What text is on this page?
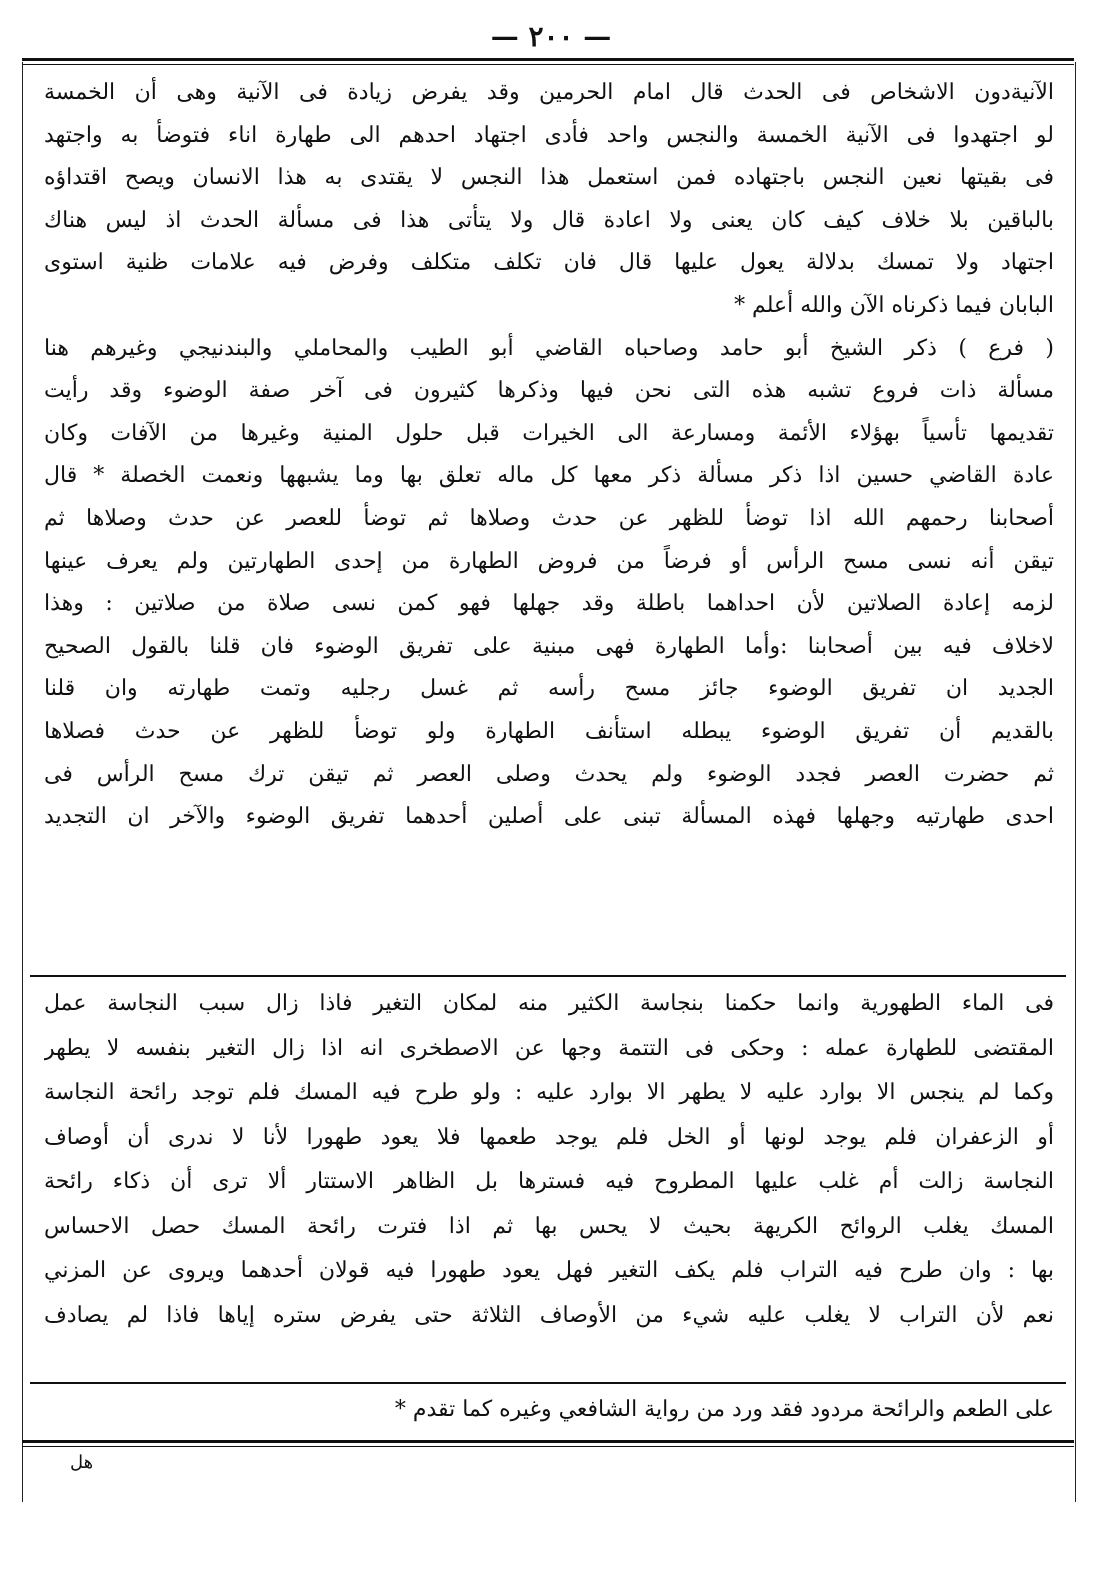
— ٢٠٠ —
الآنيةدون الاشخاص فى الحدث قال امام الحرمين وقد يفرض زيادة فى الآنية وهى أن الخمسة
لو اجتهدوا فى الآنية الخمسة والنجس واحد فأدى اجتهاد احدهم الى طهارة اناء فتوضأ به واجتهد
فى بقيتها نعين النجس باجتهاده فمن استعمل هذا النجس لا يقتدى به هذا الانسان ويصح اقتداؤه
بالباقين بلا خلاف كيف كان يعنى ولا اعادة قال ولا يتأتى هذا فى مسألة الحدث اذ ليس هناك
اجتهاد ولا تمسك بدلالة يعول عليها قال فان تكلف متكلف وفرض فيه علامات ظنية استوى
البابان فيما ذكرناه الآن والله أعلم *
( فرع ) ذكر الشيخ أبو حامد وصاحباه القاضي أبو الطيب والمحاملي والبندنيجي وغيرهم هنا
مسألة ذات فروع تشبه هذه التى نحن فيها وذكرها كثيرون فى آخر صفة الوضوء وقد رأيت
تقديمها تأسياً بهؤلاء الأئمة ومسارعة الى الخيرات قبل حلول المنية وغيرها من الآفات وكان
عادة القاضي حسين اذا ذكر مسألة ذكر معها كل ماله تعلق بها وما يشبهها ونعمت الخصلة * قال
أصحابنا رحمهم الله اذا توضأ للظهر عن حدث وصلاها ثم توضأ للعصر عن حدث وصلاها ثم
تيقن أنه نسى مسح الرأس أو فرضاً من فروض الطهارة من إحدى الطهارتين ولم يعرف عينها
لزمه إعادة الصلاتين لأن احداهما باطلة وقد جهلها فهو كمن نسى صلاة من صلاتين : وهذا
لاخلاف فيه بين أصحابنا :وأما الطهارة فهى مبنية على تفريق الوضوء فان قلنا بالقول الصحيح
الجديد ان تفريق الوضوء جائز مسح رأسه ثم غسل رجليه وتمت طهارته وان قلنا
بالقديم أن تفريق الوضوء يبطله استأنف الطهارة ولو توضأ للظهر عن حدث فصلاها
ثم حضرت العصر فجدد الوضوء ولم يحدث وصلى العصر ثم تيقن ترك مسح الرأس فى
احدى طهارتيه وجهلها فهذه المسألة تبنى على أصلين أحدهما تفريق الوضوء والآخر ان التجديد
فى الماء الطهورية وانما حكمنا بنجاسة الكثير منه لمكان التغير فاذا زال سبب النجاسة عمل
المقتضى للطهارة عمله : وحكى فى التتمة وجها عن الاصطخرى انه اذا زال التغير بنفسه لا يطهر
وكما لم ينجس الا بوارد عليه لا يطهر الا بوارد عليه : ولو طرح فيه المسك فلم توجد رائحة النجاسة
أو الزعفران فلم يوجد لونها أو الخل فلم يوجد طعمها فلا يعود طهورا لأنا لا ندرى أن أوصاف
النجاسة زالت أم غلب عليها المطروح فيه فسترها بل الظاهر الاستتار ألا ترى أن ذكاء رائحة
المسك يغلب الروائح الكريهة بحيث لا يحس بها ثم اذا فترت رائحة المسك حصل الاحساس
بها : وان طرح فيه التراب فلم يكف التغير فهل يعود طهورا فيه قولان أحدهما ويروى عن المزني
نعم لأن التراب لا يغلب عليه شيء من الأوصاف الثلاثة حتى يفرض ستره إياها فاذا لم يصادف
على الطعم والرائحة مردود فقد ورد من رواية الشافعي وغيره كما تقدم *
هل
